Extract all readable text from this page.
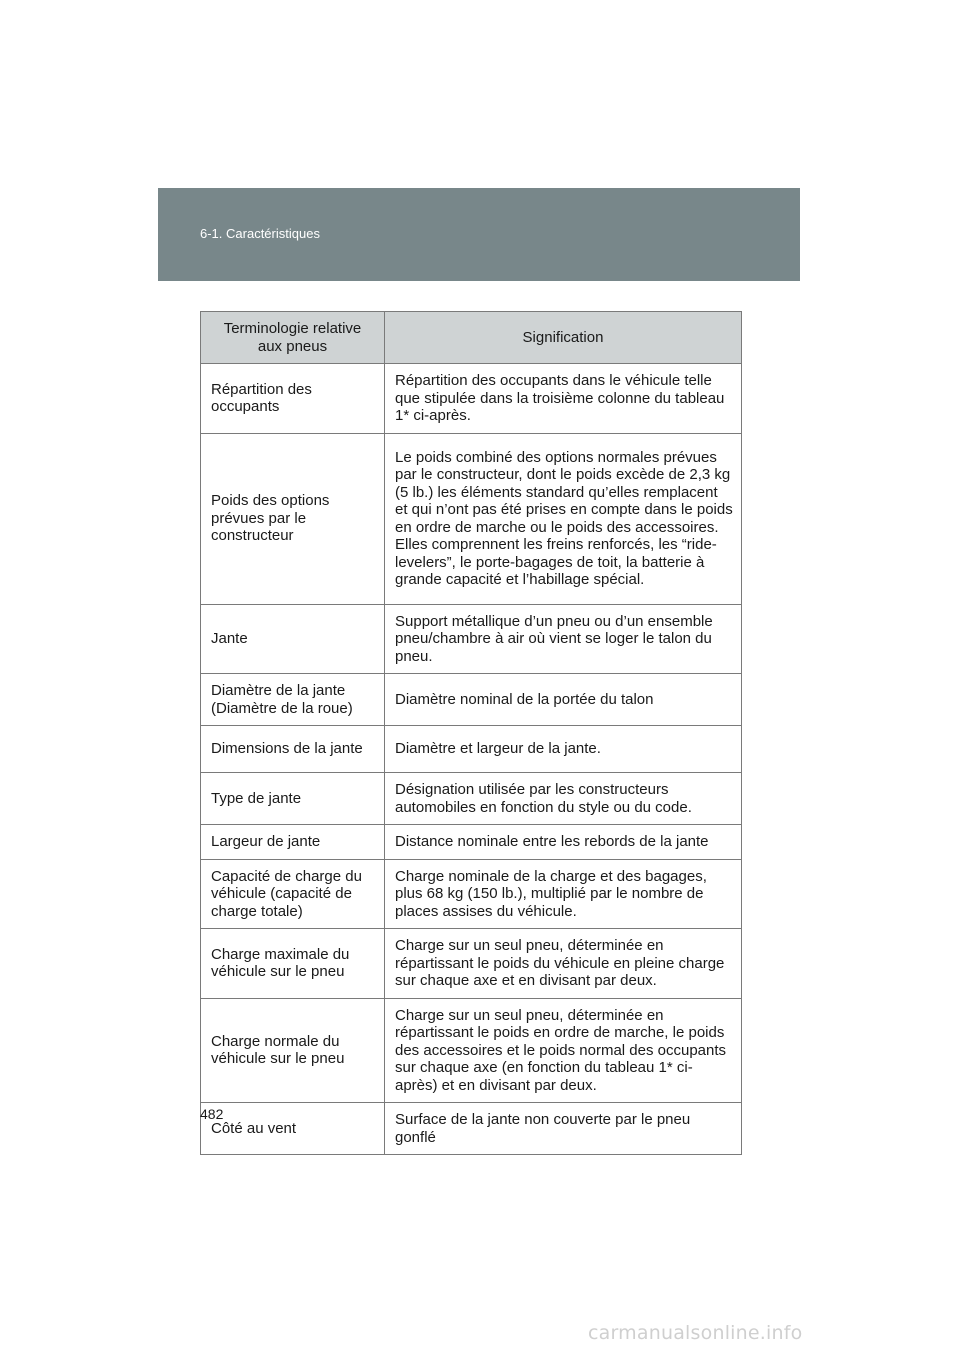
6-1. Caractéristiques
Terminologie relative aux pneus	Signification
Répartition des occupants	Répartition des occupants dans le véhicule telle que stipulée dans la troisième colonne du tableau 1* ci-après.
Poids des options prévues par le constructeur	Le poids combiné des options normales prévues par le constructeur, dont le poids excède de 2,3 kg (5 lb.) les éléments standard qu’elles remplacent et qui n’ont pas été prises en compte dans le poids en ordre de marche ou le poids des accessoires. Elles comprennent les freins renforcés, les “ride-levelers”, le porte-bagages de toit, la batterie à grande capacité et l’habillage spécial.
Jante	Support métallique d’un pneu ou d’un ensemble pneu/chambre à air où vient se loger le talon du pneu.
Diamètre de la jante (Diamètre de la roue)	Diamètre nominal de la portée du talon
Dimensions de la jante	Diamètre et largeur de la jante.
Type de jante	Désignation utilisée par les constructeurs automobiles en fonction du style ou du code.
Largeur de jante	Distance nominale entre les rebords de la jante
Capacité de charge du véhicule (capacité de charge totale)	Charge nominale de la charge et des bagages, plus 68 kg (150 lb.), multiplié par le nombre de places assises du véhicule.
Charge maximale du véhicule sur le pneu	Charge sur un seul pneu, déterminée en répartissant le poids du véhicule en pleine charge sur chaque axe et en divisant par deux.
Charge normale du véhicule sur le pneu	Charge sur un seul pneu, déterminée en répartissant le poids en ordre de marche, le poids des accessoires et le poids normal des occupants sur chaque axe (en fonction du tableau 1* ci-après) et en divisant par deux.
Côté au vent	Surface de la jante non couverte par le pneu gonflé
482
carmanualsonline.info
